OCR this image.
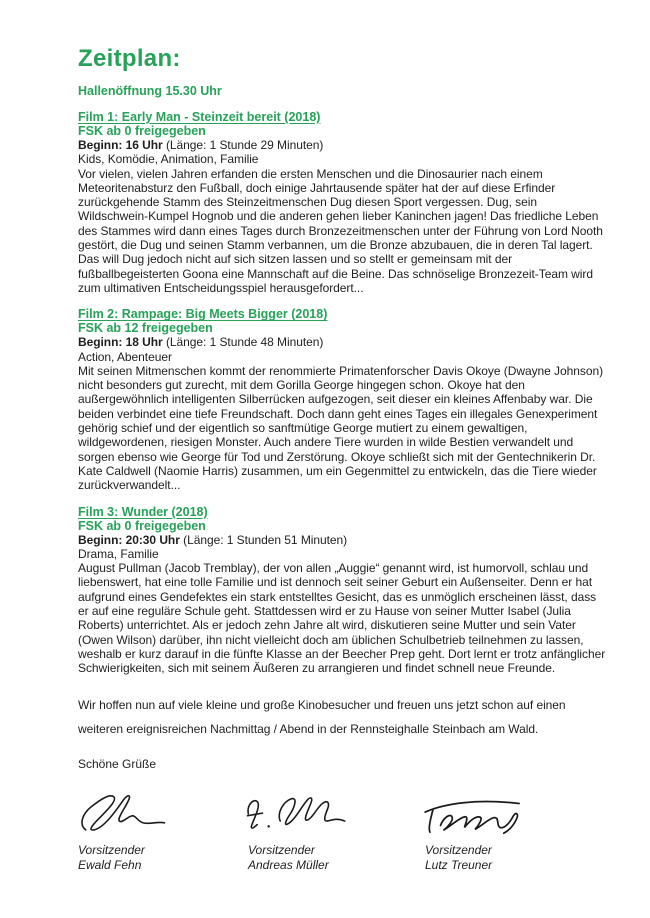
Zeitplan:
Hallenöffnung 15.30 Uhr
Film 1: Early Man - Steinzeit bereit (2018)
FSK ab 0 freigegeben
Beginn: 16 Uhr (Länge: 1 Stunde 29 Minuten)
Kids, Komödie, Animation, Familie
Vor vielen, vielen Jahren erfanden die ersten Menschen und die Dinosaurier nach einem Meteoritenabsturz den Fußball, doch einige Jahrtausende später hat der auf diese Erfinder zurückgehende Stamm des Steinzeitmenschen Dug diesen Sport vergessen. Dug, sein Wildschwein-Kumpel Hognob und die anderen gehen lieber Kaninchen jagen! Das friedliche Leben des Stammes wird dann eines Tages durch Bronzezeitmenschen unter der Führung von Lord Nooth gestört, die Dug und seinen Stamm verbannen, um die Bronze abzubauen, die in deren Tal lagert. Das will Dug jedoch nicht auf sich sitzen lassen und so stellt er gemeinsam mit der fußballbegeisterten Goona eine Mannschaft auf die Beine. Das schnöselige Bronzezeit-Team wird zum ultimativen Entscheidungsspiel herausgefordert...
Film 2: Rampage: Big Meets Bigger (2018)
FSK ab 12 freigegeben
Beginn: 18 Uhr (Länge: 1 Stunde 48 Minuten)
Action, Abenteuer
Mit seinen Mitmenschen kommt der renommierte Primatenforscher Davis Okoye (Dwayne Johnson) nicht besonders gut zurecht, mit dem Gorilla George hingegen schon. Okoye hat den außergewöhnlich intelligenten Silberrücken aufgezogen, seit dieser ein kleines Affenbaby war. Die beiden verbindet eine tiefe Freundschaft. Doch dann geht eines Tages ein illegales Genexperiment gehörig schief und der eigentlich so sanftmütige George mutiert zu einem gewaltigen, wildgewordenen, riesigen Monster. Auch andere Tiere wurden in wilde Bestien verwandelt und sorgen ebenso wie George für Tod und Zerstörung. Okoye schließt sich mit der Gentechnikerin Dr. Kate Caldwell (Naomie Harris) zusammen, um ein Gegenmittel zu entwickeln, das die Tiere wieder zurückverwandelt...
Film 3: Wunder (2018)
FSK ab 0 freigegeben
Beginn: 20:30 Uhr (Länge: 1 Stunden 51 Minuten)
Drama, Familie
August Pullman (Jacob Tremblay), der von allen „Auggie“ genannt wird, ist humorvoll, schlau und liebenswert, hat eine tolle Familie und ist dennoch seit seiner Geburt ein Außenseiter. Denn er hat aufgrund eines Gendefektes ein stark entstelltes Gesicht, das es unmöglich erscheinen lässt, dass er auf eine reguläre Schule geht. Stattdessen wird er zu Hause von seiner Mutter Isabel (Julia Roberts) unterrichtet. Als er jedoch zehn Jahre alt wird, diskutieren seine Mutter und sein Vater (Owen Wilson) darüber, ihn nicht vielleicht doch am üblichen Schulbetrieb teilnehmen zu lassen, weshalb er kurz darauf in die fünfte Klasse an der Beecher Prep geht. Dort lernt er trotz anfänglicher Schwierigkeiten, sich mit seinem Äußeren zu arrangieren und findet schnell neue Freunde.
Wir hoffen nun auf viele kleine und große Kinobesucher und freuen uns jetzt schon auf einen
weiteren ereignisreichen Nachmittag / Abend in der Rennsteighalle Steinbach am Wald.
Schöne Grüße
Vorsitzender
Ewald Fehn
Vorsitzender
Andreas Müller
Vorsitzender
Lutz Treuner
